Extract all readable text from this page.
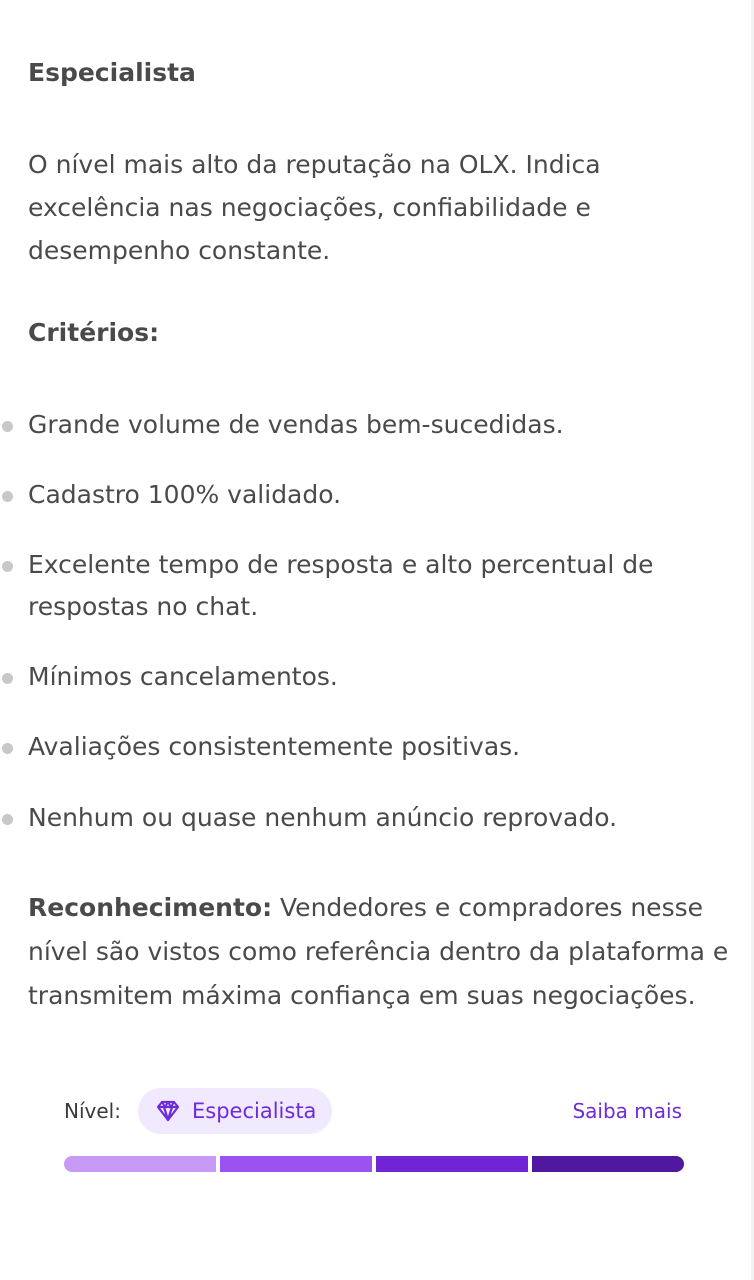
Especialista
O nível mais alto da reputação na OLX. Indica excelência nas negociações, confiabilidade e desempenho constante.
Critérios:
Grande volume de vendas bem-sucedidas.
Cadastro 100% validado.
Excelente tempo de resposta e alto percentual de respostas no chat.
Mínimos cancelamentos.
Avaliações consistentemente positivas.
Nenhum ou quase nenhum anúncio reprovado.
Reconhecimento: Vendedores e compradores nesse nível são vistos como referência dentro da plataforma e transmitem máxima confiança em suas negociações.
Nível:	Especialista	Saiba mais
